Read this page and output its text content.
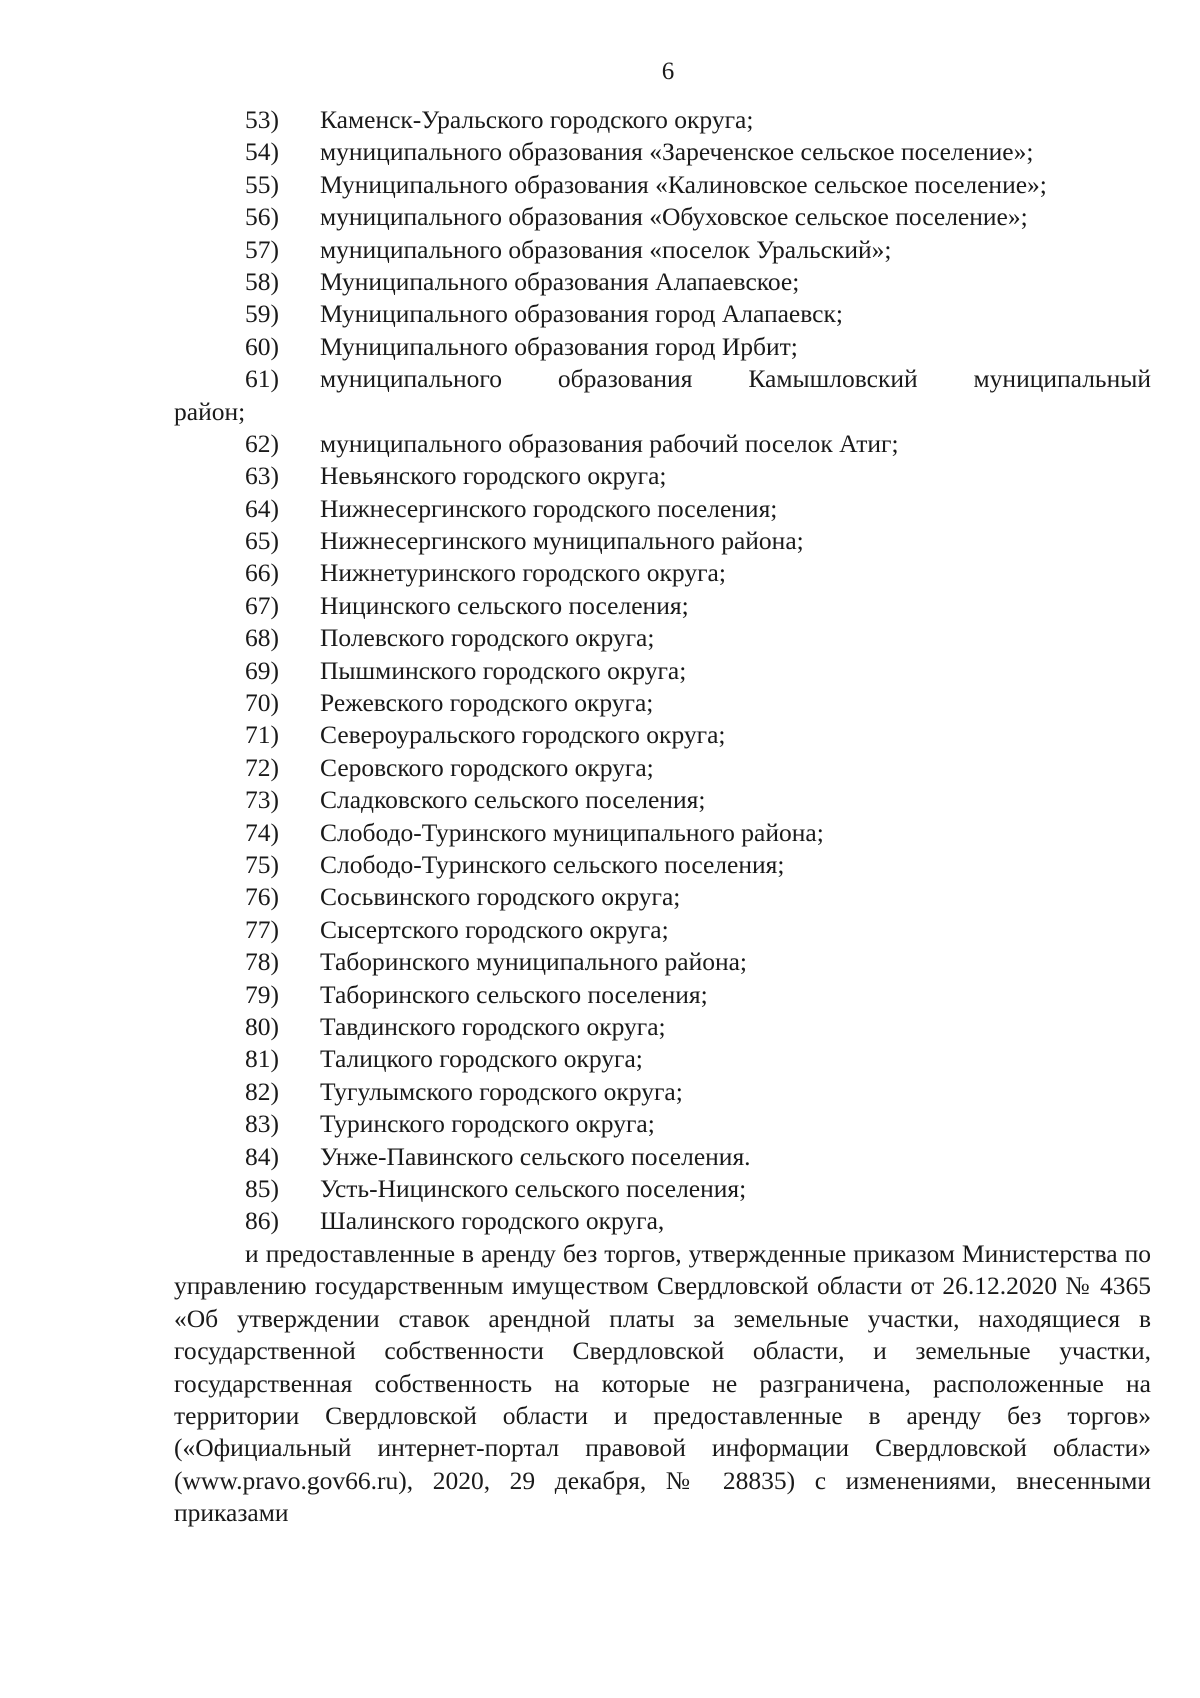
6
53) Каменск-Уральского городского округа;
54) муниципального образования «Зареченское сельское поселение»;
55) Муниципального образования «Калиновское сельское поселение»;
56) муниципального образования «Обуховское сельское поселение»;
57) муниципального образования «поселок Уральский»;
58) Муниципального образования Алапаевское;
59) Муниципального образования город Алапаевск;
60) Муниципального образования город Ирбит;
61) муниципального образования Камышловский муниципальный
район;
62) муниципального образования рабочий поселок Атиг;
63) Невьянского городского округа;
64) Нижнесергинского городского поселения;
65) Нижнесергинского муниципального района;
66) Нижнетуринского городского округа;
67) Ницинского сельского поселения;
68) Полевского городского округа;
69) Пышминского городского округа;
70) Режевского городского округа;
71) Североуральского городского округа;
72) Серовского городского округа;
73) Сладковского сельского поселения;
74) Слободо-Туринского муниципального района;
75) Слободо-Туринского сельского поселения;
76) Сосьвинского городского округа;
77) Сысертского городского округа;
78) Таборинского муниципального района;
79) Таборинского сельского поселения;
80) Тавдинского городского округа;
81) Талицкого городского округа;
82) Тугулымского городского округа;
83) Туринского городского округа;
84) Унже-Павинского сельского поселения.
85) Усть-Ницинского сельского поселения;
86) Шалинского городского округа,

и предоставленные в аренду без торгов, утвержденные приказом Министерства по управлению государственным имуществом Свердловской области от 26.12.2020 № 4365 «Об утверждении ставок арендной платы за земельные участки, находящиеся в государственной собственности Свердловской области, и земельные участки, государственная собственность на которые не разграничена, расположенные на территории Свердловской области и предоставленные в аренду без торгов» («Официальный интернет-портал правовой информации Свердловской области» (www.pravo.gov66.ru), 2020, 29 декабря, № 28835) с изменениями, внесенными приказами
